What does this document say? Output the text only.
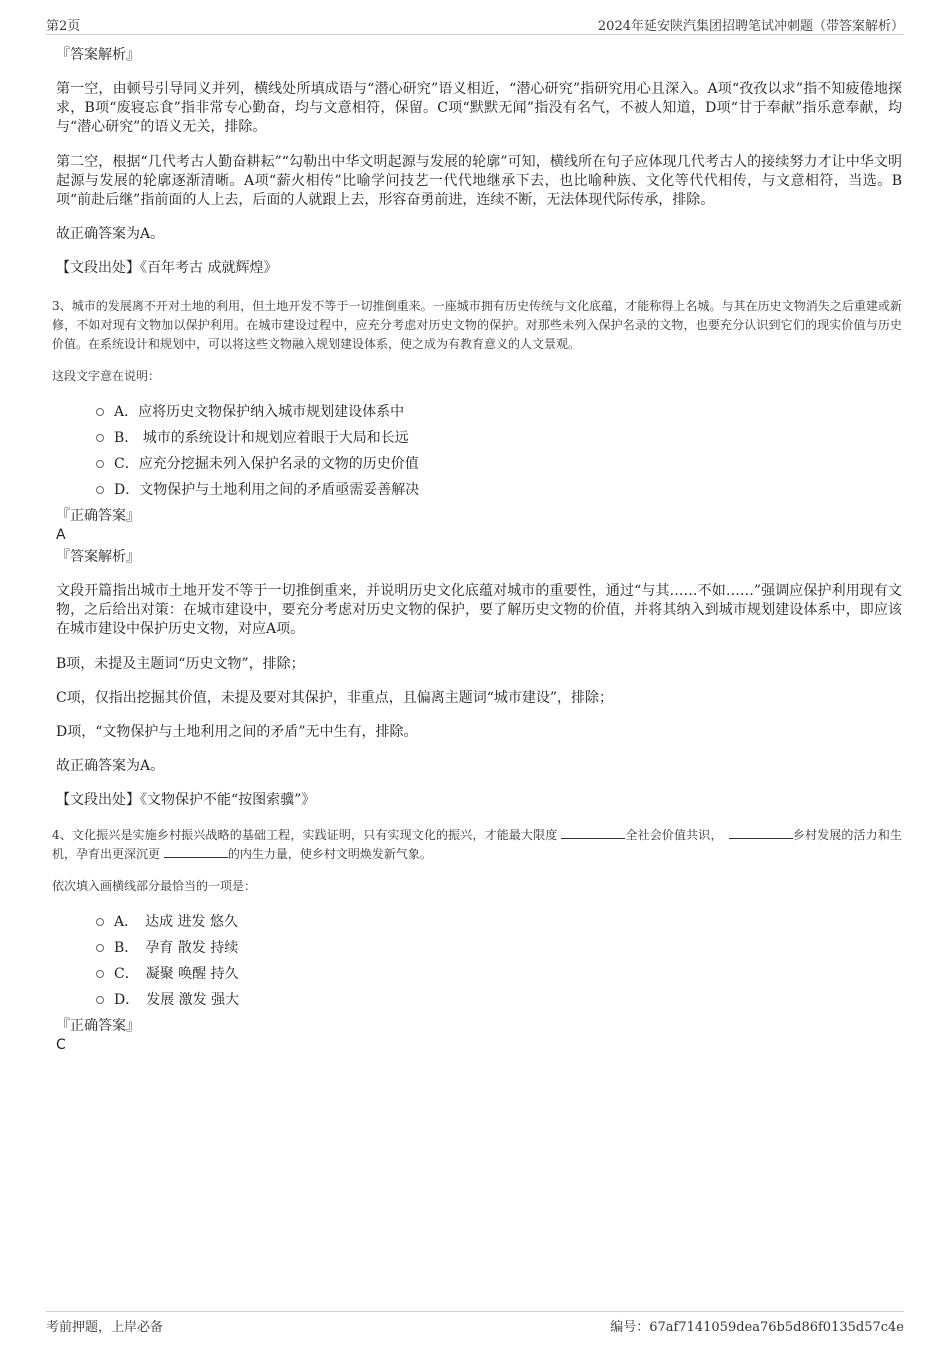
第2页	2024年延安陕汽集团招聘笔试冲刺题（带答案解析）

『答案解析』

第一空，由顿号引导同义并列，横线处所填成语与“潜心研究”语义相近，“潜心研究”指研究用心且深入。A项“孜孜以求”指不知疲倦地探求，B项“废寝忘食”指非常专心勤奋，均与文意相符，保留。C项“默默无闻”指没有名气，不被人知道，D项“甘于奉献”指乐意奉献，均与“潜心研究”的语义无关，排除。

第二空，根据“几代考古人勤奋耕耘”“勾勒出中华文明起源与发展的轮廓”可知，横线所在句子应体现几代考古人的接续努力才让中华文明起源与发展的轮廓逐渐清晰。A项“薪火相传”比喻学问技艺一代代地继承下去，也比喻种族、文化等代代相传，与文意相符，当选。B项“前赴后继”指前面的人上去，后面的人就跟上去，形容奋勇前进，连续不断，无法体现代际传承，排除。

故正确答案为A。

【文段出处】《百年考古 成就辉煌》

3、城市的发展离不开对土地的利用，但土地开发不等于一切推倒重来。一座城市拥有历史传统与文化底蕴，才能称得上名城。与其在历史文物消失之后重建或新修，不如对现有文物加以保护利用。在城市建设过程中，应充分考虑对历史文物的保护。对那些未列入保护名录的文物，也要充分认识到它们的现实价值与历史价值。在系统设计和规划中，可以将这些文物融入规划建设体系，使之成为有教育意义的人文景观。

这段文字意在说明：

A．应将历史文物保护纳入城市规划建设体系中
B． 城市的系统设计和规划应着眼于大局和长远
C．应充分挖掘未列入保护名录的文物的历史价值
D．文物保护与土地利用之间的矛盾亟需妥善解决

『正确答案』

A

『答案解析』

文段开篇指出城市土地开发不等于一切推倒重来，并说明历史文化底蕴对城市的重要性，通过“与其……不如……”强调应保护利用现有文物，之后给出对策：在城市建设中，要充分考虑对历史文物的保护，要了解历史文物的价值，并将其纳入到城市规划建设体系中，即应该在城市建设中保护历史文物，对应A项。

B项，未提及主题词“历史文物”，排除；

C项，仅指出挖掘其价值，未提及要对其保护，非重点，且偏离主题词“城市建设”，排除；

D项，“文物保护与土地利用之间的矛盾”无中生有，排除。

故正确答案为A。

【文段出处】《文物保护不能“按图索骥”》

4、文化振兴是实施乡村振兴战略的基础工程，实践证明，只有实现文化的振兴，才能最大限度	全社会价值共识，　	乡村发展的活力和生机，孕育出更深沉更	的内生力量，使乡村文明焕发新气象。

依次填入画横线部分最恰当的一项是：

A．　达成 进发 悠久
B．　孕育 散发 持续
C．　凝聚 唤醒 持久
D．　发展 激发 强大

『正确答案』

C

考前押题，上岸必备	编号：67af7141059dea76b5d86f0135d57c4e
